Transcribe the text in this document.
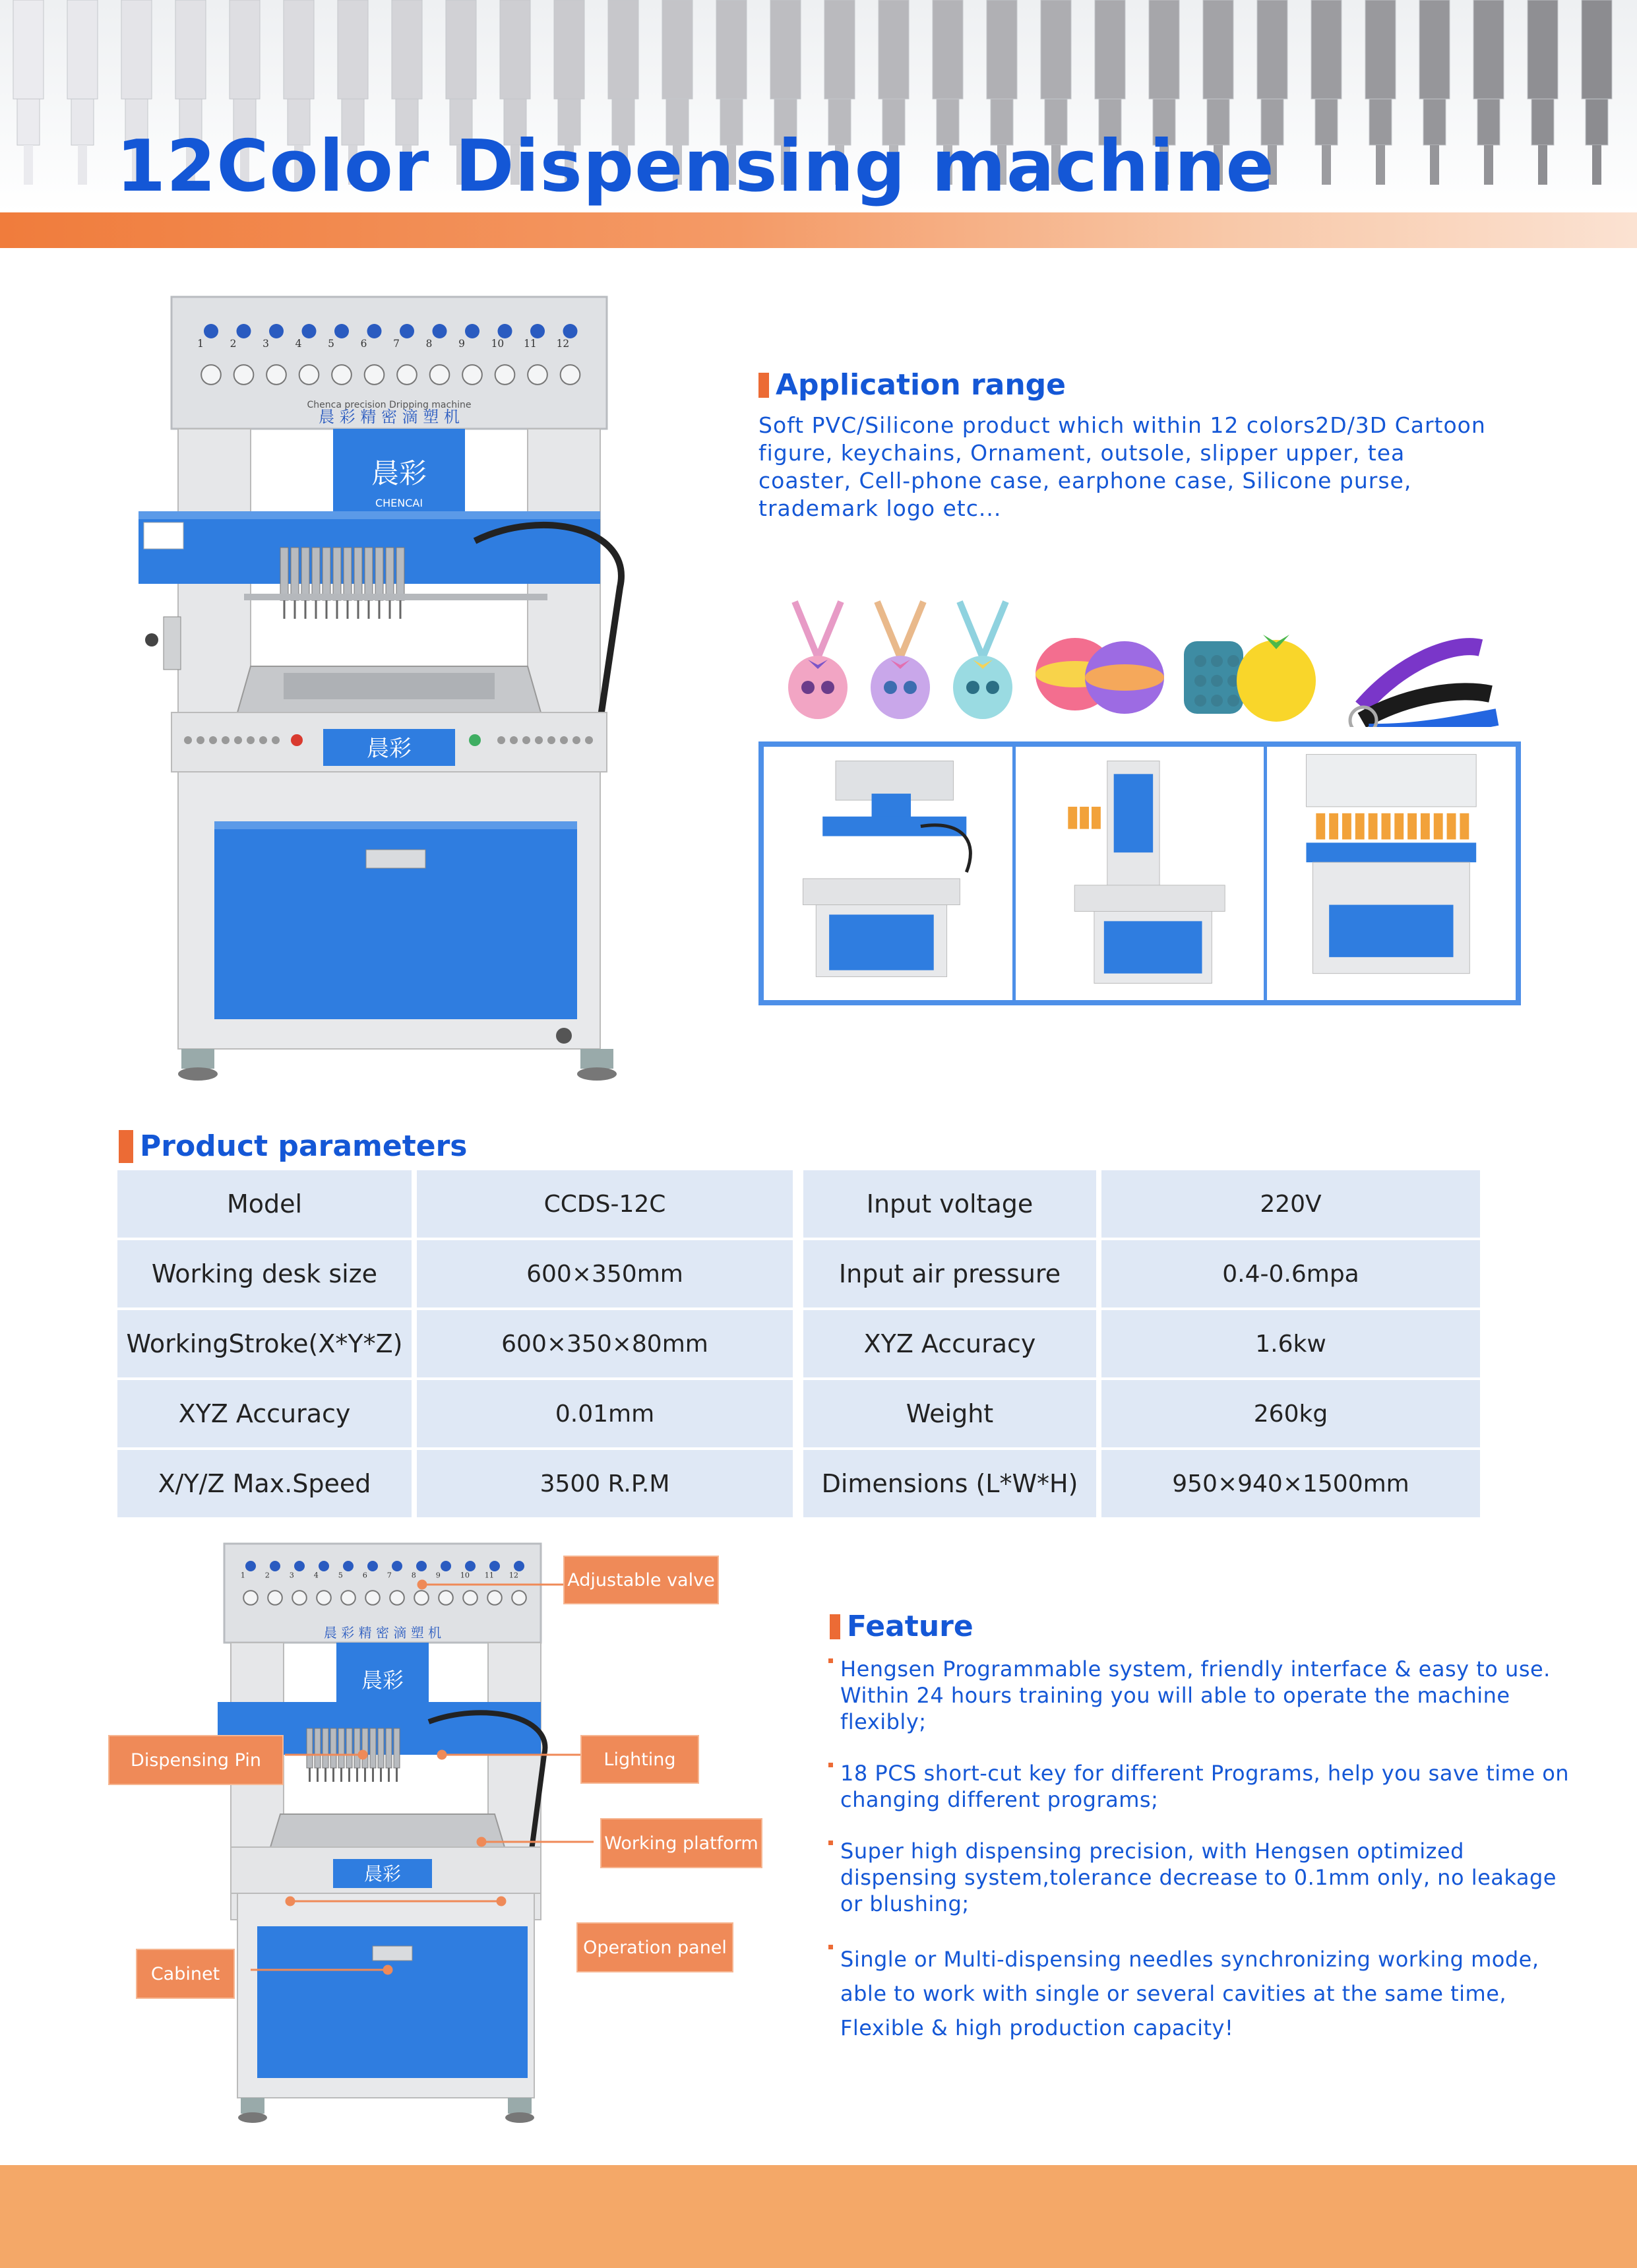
12Color Dispensing machine
1	2	3	4	5	6	7	8	9	10 11 12
Chenca precision Dripping machine
晨 彩 精 密 滴 塑 机
晨彩
CHENCAI
晨彩
Application range

Soft PVC/Silicone product which within 12 colors2D/3D Cartoon figure, keychains, Ornament, outsole, slipper upper, tea coaster, Cell-phone case, earphone case, Silicone purse, trademark logo etc...

Product parameters
Model	CCDS-12C	Input voltage	220V
Working desk size	600×350mm	Input air pressure	0.4-0.6mpa
WorkingStroke(X*Y*Z)	600×350×80mm	XYZ Accuracy	1.6kw
XYZ Accuracy	0.01mm	Weight	260kg
X/Y/Z Max.Speed	3500 R.P.M	Dimensions (L*W*H)	950×940×1500mm
1	2	3	4	5	6	7	8	9	10 11 12
晨 彩 精 密 滴 塑 机
晨彩
晨彩
Adjustable valve
Dispensing Pin	Lighting
Working platform
Operation panel
Cabinet
Feature
Hengsen Programmable system, friendly interface & easy to use. Within 24 hours training you will able to operate the machine flexibly;
18 PCS short-cut key for different Programs, help you save time on changing different programs;
Super high dispensing precision, with Hengsen optimized dispensing system,tolerance decrease to 0.1mm only, no leakage or blushing;
Single or Multi-dispensing needles synchronizing working mode, able to work with single or several cavities at the same time, Flexible & high production capacity!
